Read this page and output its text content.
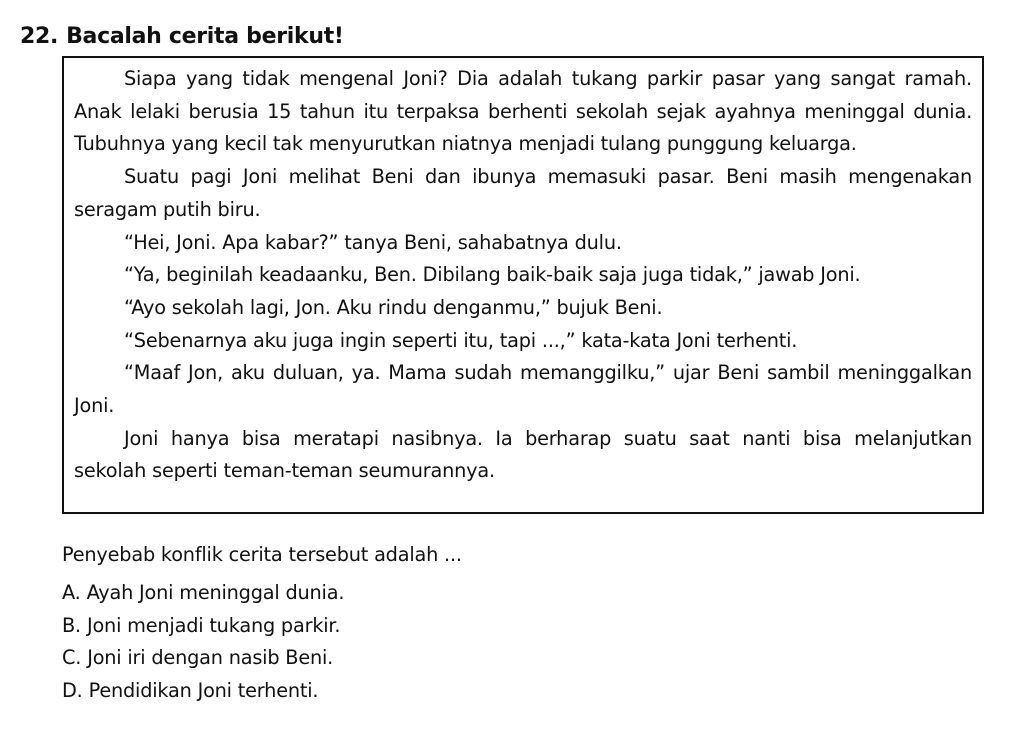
22. Bacalah cerita berikut!

Siapa yang tidak mengenal Joni? Dia adalah tukang parkir pasar yang sangat ramah. Anak lelaki berusia 15 tahun itu terpaksa berhenti sekolah sejak ayahnya meninggal dunia. Tubuhnya yang kecil tak menyurutkan niatnya menjadi tulang punggung keluarga.

Suatu pagi Joni melihat Beni dan ibunya memasuki pasar. Beni masih mengenakan seragam putih biru.

“Hei, Joni. Apa kabar?” tanya Beni, sahabatnya dulu.

“Ya, beginilah keadaanku, Ben. Dibilang baik-baik saja juga tidak,” jawab Joni.

“Ayo sekolah lagi, Jon. Aku rindu denganmu,” bujuk Beni.

“Sebenarnya aku juga ingin seperti itu, tapi ...,” kata-kata Joni terhenti.

“Maaf Jon, aku duluan, ya. Mama sudah memanggilku,” ujar Beni sambil meninggalkan Joni.

Joni hanya bisa meratapi nasibnya. Ia berharap suatu saat nanti bisa melanjutkan sekolah seperti teman-teman seumurannya.

Penyebab konflik cerita tersebut adalah ...
A. Ayah Joni meninggal dunia.
B. Joni menjadi tukang parkir.
C. Joni iri dengan nasib Beni.
D. Pendidikan Joni terhenti.
